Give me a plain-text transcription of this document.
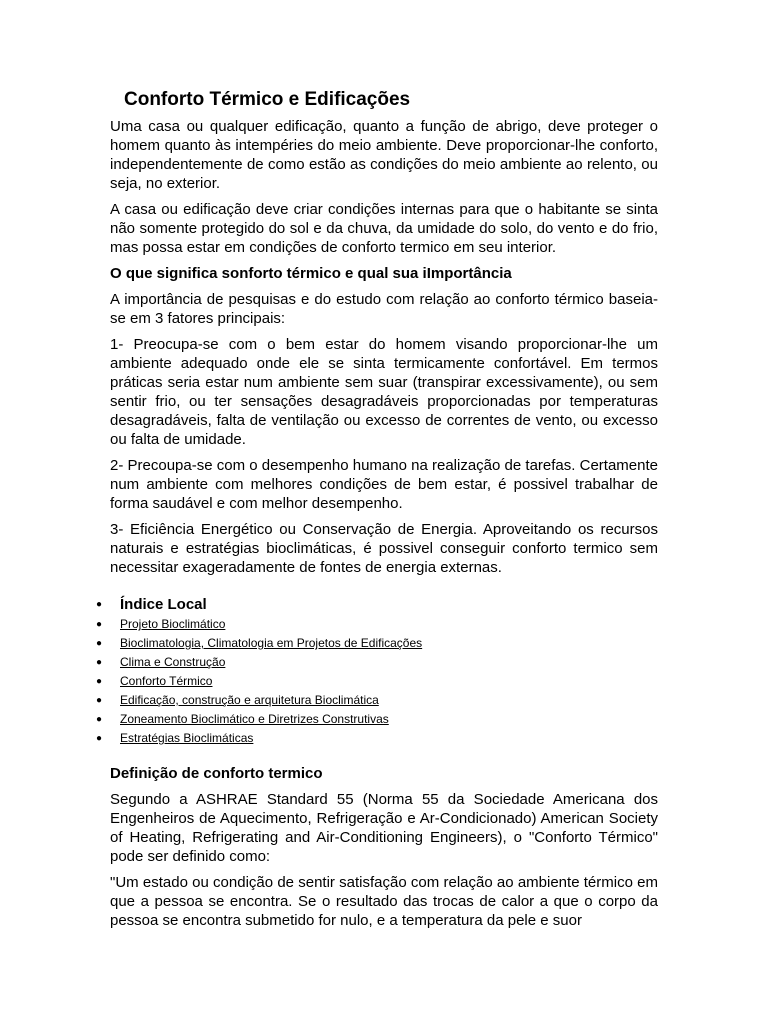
Conforto Térmico e Edificações

Uma casa ou qualquer edificação, quanto a função de abrigo, deve proteger o homem quanto às intempéries do meio ambiente. Deve proporcionar-lhe conforto, independentemente de como estão as condições do meio ambiente ao relento, ou seja, no exterior.

A casa ou edificação deve criar condições internas para que o habitante se sinta não somente protegido do sol e da chuva, da umidade do solo, do vento e do frio, mas possa estar em condições de conforto termico em seu interior.

O que significa sonforto térmico e qual sua iImportância

A importância de pesquisas e do estudo com relação ao conforto térmico baseia-se em 3 fatores principais:

1- Preocupa-se com o bem estar do homem visando proporcionar-lhe um ambiente adequado onde ele se sinta termicamente confortável. Em termos práticas seria estar num ambiente sem suar (transpirar excessivamente), ou sem sentir frio, ou ter sensações desagradáveis proporcionadas por temperaturas desagradáveis, falta de ventilação ou excesso de correntes de vento, ou excesso ou falta de umidade.

2- Precoupa-se com o desempenho humano na realização de tarefas. Certamente num ambiente com melhores condições de bem estar, é possivel trabalhar de forma saudável e com melhor desempenho.

3- Eficiência Energético ou Conservação de Energia. Aproveitando os recursos naturais e estratégias bioclimáticas, é possivel conseguir conforto termico sem necessitar exageradamente de fontes de energia externas.

● Índice Local
● Projeto Bioclimático
● Bioclimatologia, Climatologia em Projetos de Edificações
● Clima e Construção
● Conforto Térmico
● Edificação, construção e arquitetura Bioclimática
● Zoneamento Bioclimático e Diretrizes Construtivas
● Estratégias Bioclimáticas
Definição de conforto termico

Segundo a ASHRAE Standard 55 (Norma 55 da Sociedade Americana dos Engenheiros de Aquecimento, Refrigeração e Ar-Condicionado) American Society of Heating, Refrigerating and Air-Conditioning Engineers), o "Conforto Térmico" pode ser definido como:

"Um estado ou condição de sentir satisfação com relação ao ambiente térmico em que a pessoa se encontra. Se o resultado das trocas de calor a que o corpo da pessoa se encontra submetido for nulo, e a temperatura da pele e suor
